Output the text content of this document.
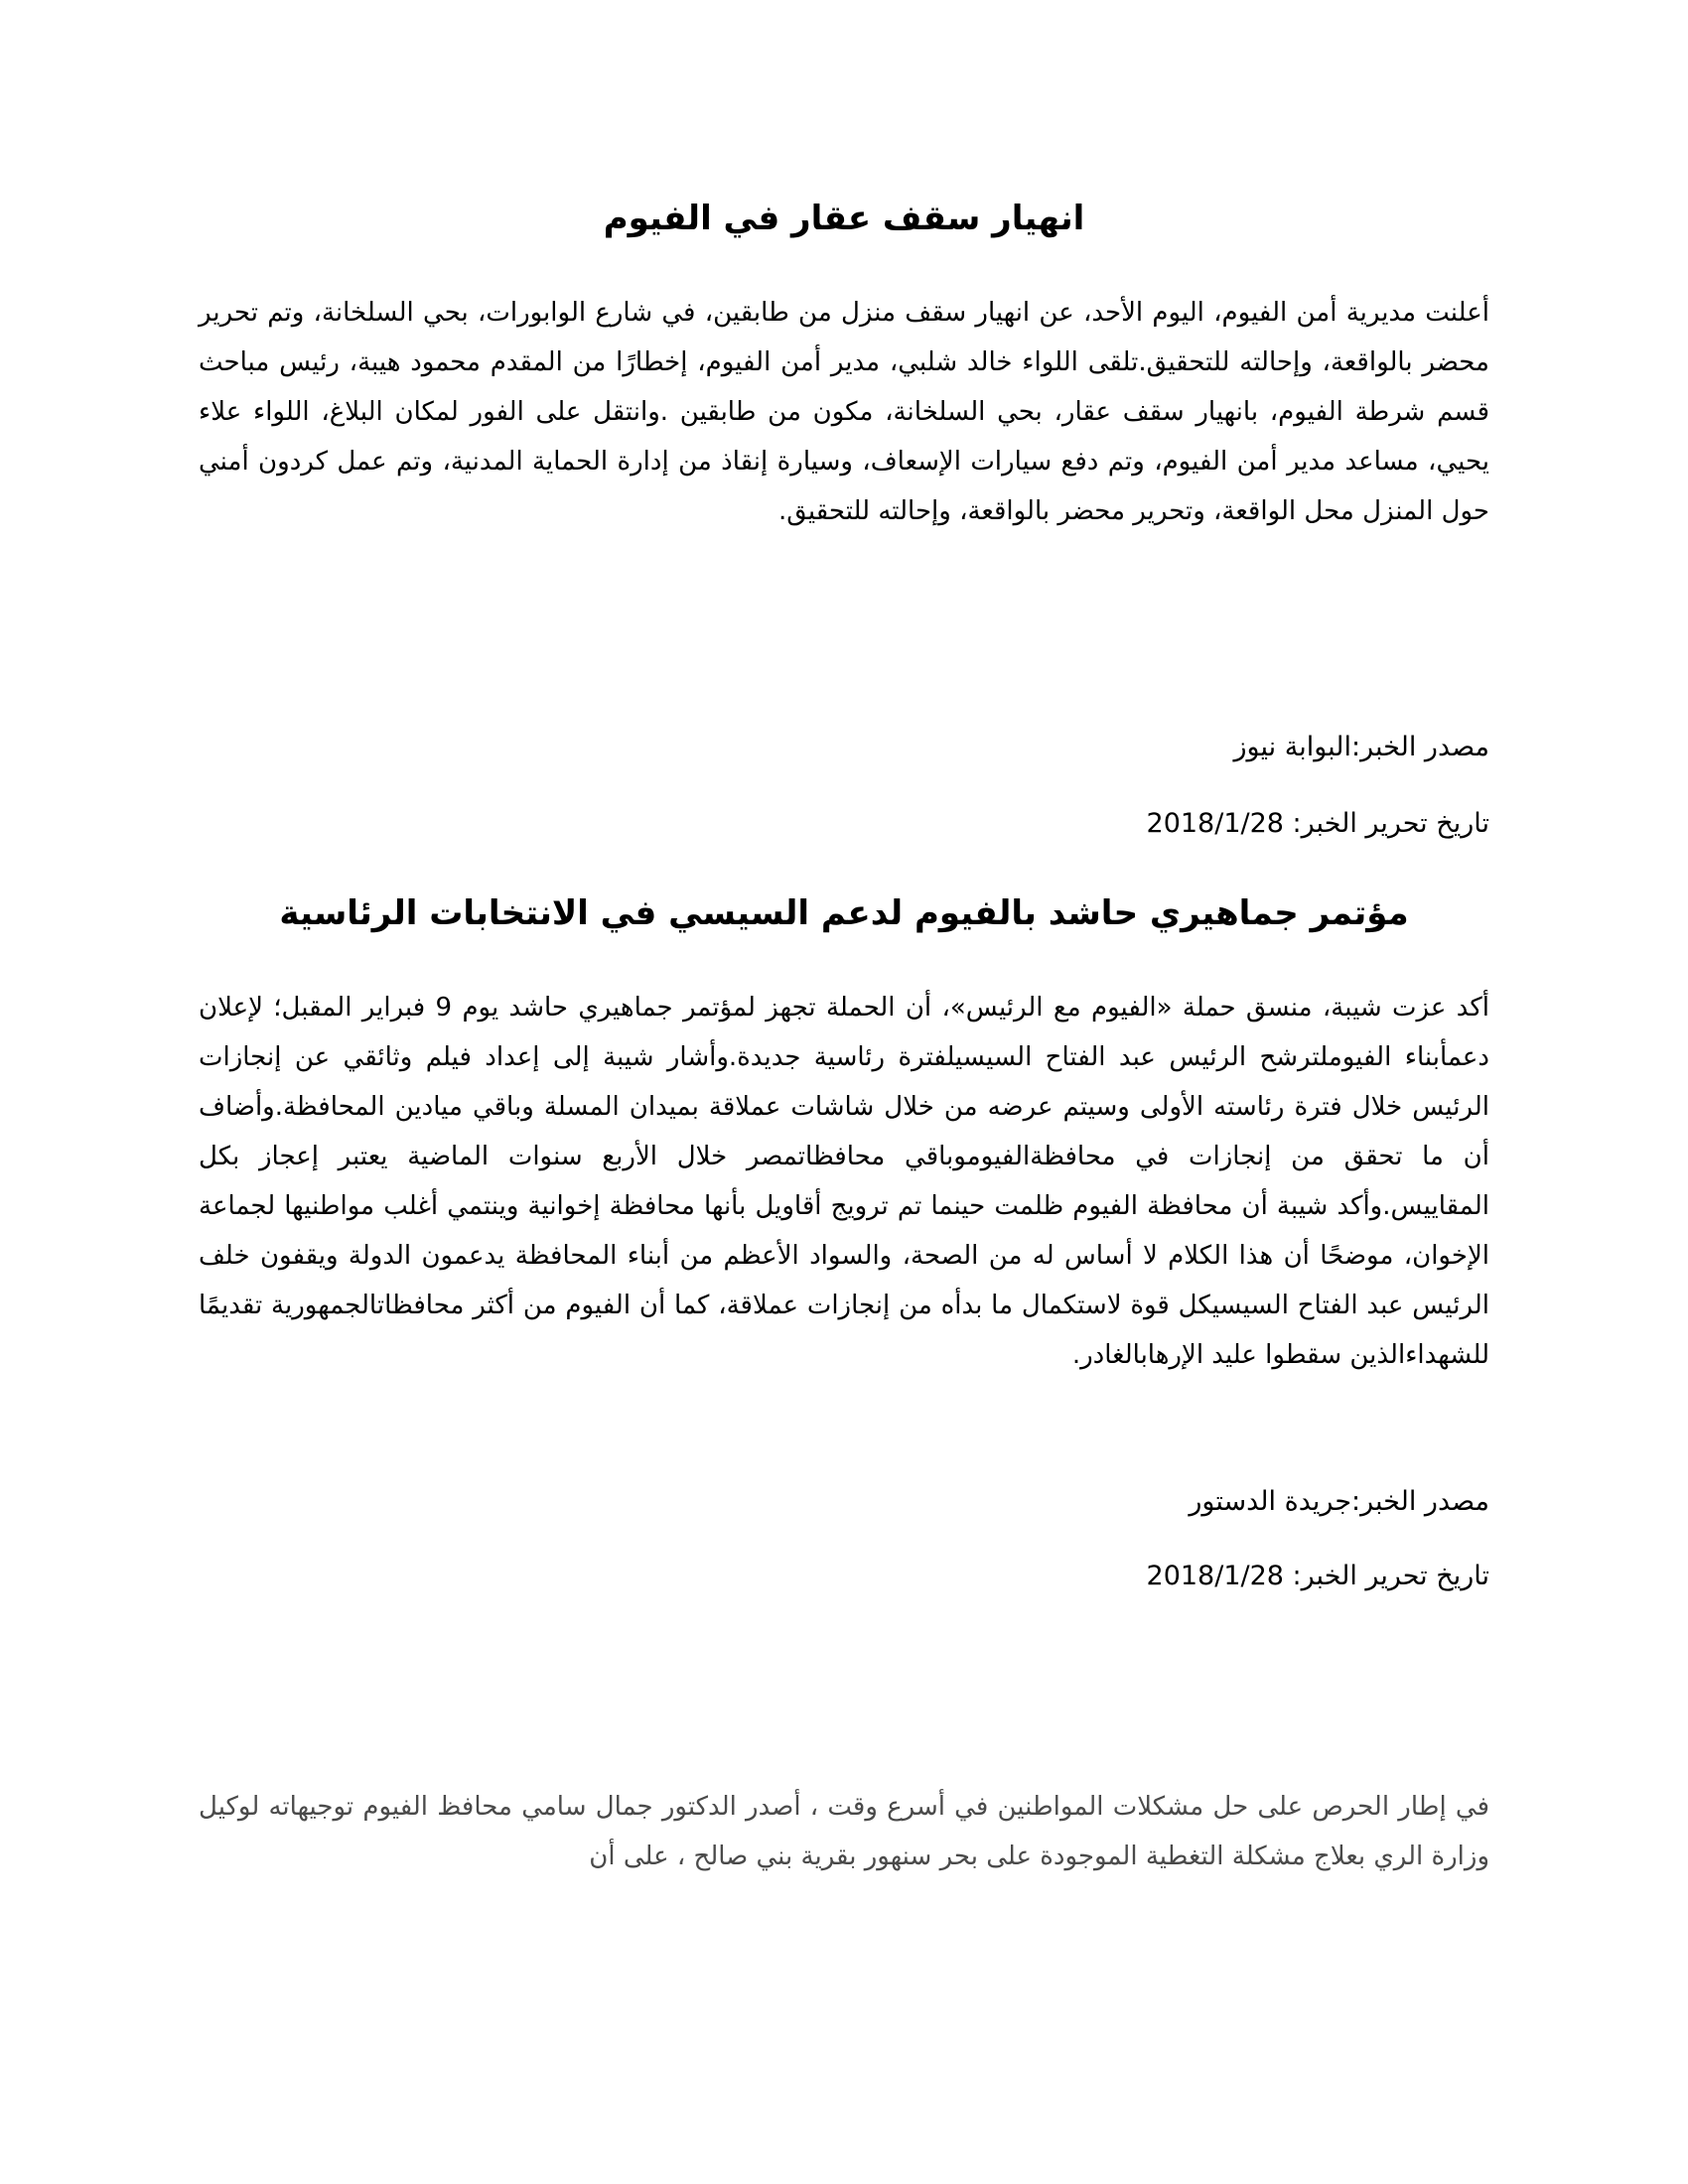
انهيار سقف عقار في الفيوم

أعلنت مديرية أمن الفيوم، اليوم الأحد، عن انهيار سقف منزل من طابقين، في شارع الوابورات، بحي السلخانة، وتم تحرير محضر بالواقعة، وإحالته للتحقيق.تلقى اللواء خالد شلبي، مدير أمن الفيوم، إخطارًا من المقدم محمود هيبة، رئيس مباحث قسم شرطة الفيوم، بانهيار سقف عقار، بحي السلخانة، مكون من طابقين .وانتقل على الفور لمكان البلاغ، اللواء علاء يحيي، مساعد مدير أمن الفيوم، وتم دفع سيارات الإسعاف، وسيارة إنقاذ من إدارة الحماية المدنية، وتم عمل كردون أمني حول المنزل محل الواقعة، وتحرير محضر بالواقعة، وإحالته للتحقيق.

مصدر الخبر:البوابة نيوز

تاريخ تحرير الخبر: 2018/1/28

مؤتمر جماهيري حاشد بالفيوم لدعم السيسي في الانتخابات الرئاسية

أكد عزت شيبة، منسق حملة «الفيوم مع الرئيس»، أن الحملة تجهز لمؤتمر جماهيري حاشد يوم 9 فبراير المقبل؛ لإعلان دعمأبناء الفيوملترشح الرئيس عبد الفتاح السيسيلفترة رئاسية جديدة.وأشار شيبة إلى إعداد فيلم وثائقي عن إنجازات الرئيس خلال فترة رئاسته الأولى وسيتم عرضه من خلال شاشات عملاقة بميدان المسلة وباقي ميادين المحافظة.وأضاف أن ما تحقق من إنجازات في محافظةالفيوموباقي محافظاتمصر خلال الأربع سنوات الماضية يعتبر إعجاز بكل المقاييس.وأكد شيبة أن محافظة الفيوم ظلمت حينما تم ترويج أقاويل بأنها محافظة إخوانية وينتمي أغلب مواطنيها لجماعة الإخوان، موضحًا أن هذا الكلام لا أساس له من الصحة، والسواد الأعظم من أبناء المحافظة يدعمون الدولة ويقفون خلف الرئيس عبد الفتاح السيسيكل قوة لاستكمال ما بدأه من إنجازات عملاقة، كما أن الفيوم من أكثر محافظاتالجمهورية تقديمًا للشهداءالذين سقطوا عليد الإرهابالغادر.

مصدر الخبر:جريدة الدستور

تاريخ تحرير الخبر: 2018/1/28

في إطار الحرص على حل مشكلات المواطنين في أسرع وقت ، أصدر الدكتور جمال سامي محافظ الفيوم توجيهاته لوكيل وزارة الري بعلاج مشكلة التغطية الموجودة على بحر سنهور بقرية بني صالح ، على أن
